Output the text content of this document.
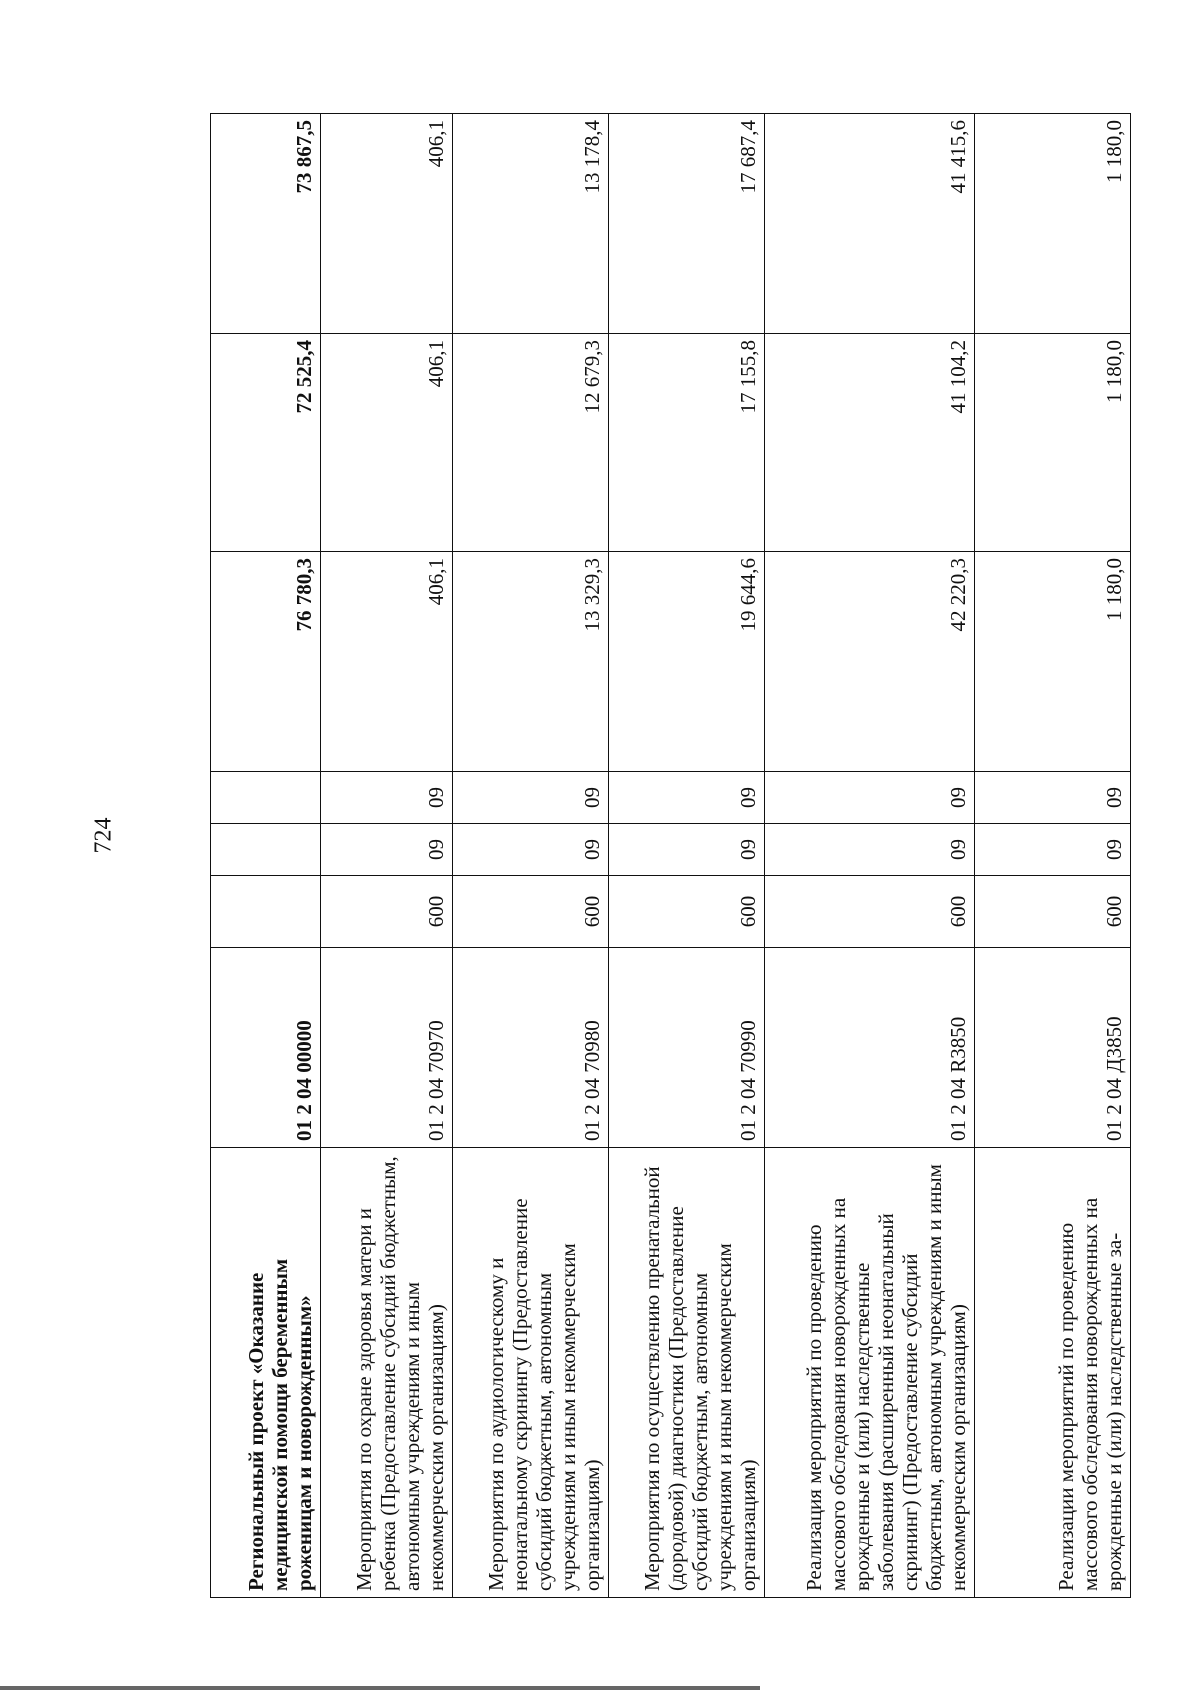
724
Региональный проект «Оказание медицинской помощи беременным роженицам и новорожденным»	01 2 04 00000				76 780,3	72 525,4	73 867,5
Мероприятия по охране здоровья матери и ребенка (Предоставление субсидий бюджетным, автономным учреждениям и иным некоммерческим организациям)	01 2 04 70970	600	09	09	406,1	406,1	406,1
Мероприятия по аудиологическому и неонатальному скринингу (Предоставление субсидий бюджетным, автономным учреждениям и иным некоммерческим организациям)	01 2 04 70980	600	09	09	13 329,3	12 679,3	13 178,4
Мероприятия по осуществлению пренатальной (дородовой) диагностики (Предоставление субсидий бюджетным, автономным учреждениям и иным некоммерческим организациям)	01 2 04 70990	600	09	09	19 644,6	17 155,8	17 687,4
Реализация мероприятий по проведению массового обследования новорожденных на врожденные и (или) наследственные заболевания (расширенный неонатальный скрининг) (Предоставление субсидий бюджетным, автономным учреждениям и иным некоммерческим организациям)	01 2 04 R3850	600	09	09	42 220,3	41 104,2	41 415,6
Реализации мероприятий по проведению массового обследования новорожденных на врожденные и (или) наследственные за-	01 2 04 Д3850	600	09	09	1 180,0	1 180,0	1 180,0
